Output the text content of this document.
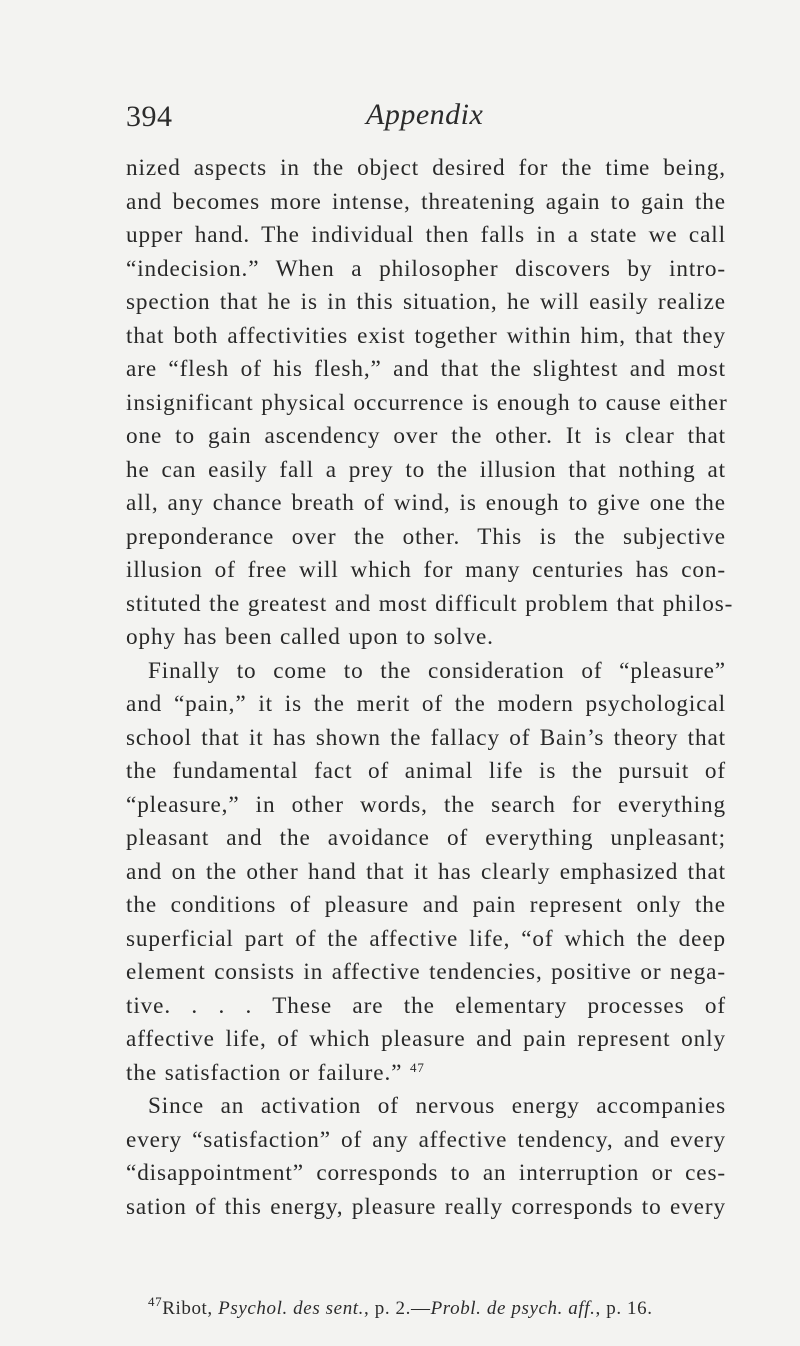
394	Appendix
nized aspects in the object desired for the time being,
and becomes more intense, threatening again to gain the
upper hand. The individual then falls in a state we call
“indecision.” When a philosopher discovers by intro-
spection that he is in this situation, he will easily realize
that both affectivities exist together within him, that they
are “flesh of his flesh,” and that the slightest and most
insignificant physical occurrence is enough to cause either
one to gain ascendency over the other. It is clear that
he can easily fall a prey to the illusion that nothing at
all, any chance breath of wind, is enough to give one the
preponderance over the other. This is the subjective
illusion of free will which for many centuries has con-
stituted the greatest and most difficult problem that philos-
ophy has been called upon to solve.
Finally to come to the consideration of “pleasure”
and “pain,” it is the merit of the modern psychological
school that it has shown the fallacy of Bain’s theory that
the fundamental fact of animal life is the pursuit of
“pleasure,” in other words, the search for everything
pleasant and the avoidance of everything unpleasant;
and on the other hand that it has clearly emphasized that
the conditions of pleasure and pain represent only the
superficial part of the affective life, “of which the deep
element consists in affective tendencies, positive or nega-
tive. . . . These are the elementary processes of
affective life, of which pleasure and pain represent only
the satisfaction or failure.” $^{47}$
Since an activation of nervous energy accompanies
every “satisfaction” of any affective tendency, and every
“disappointment” corresponds to an interruption or ces-
sation of this energy, pleasure really corresponds to every
$^{47}$Ribot, Psychol. des sent., p. 2.—Probl. de psych. aff., p. 16.
